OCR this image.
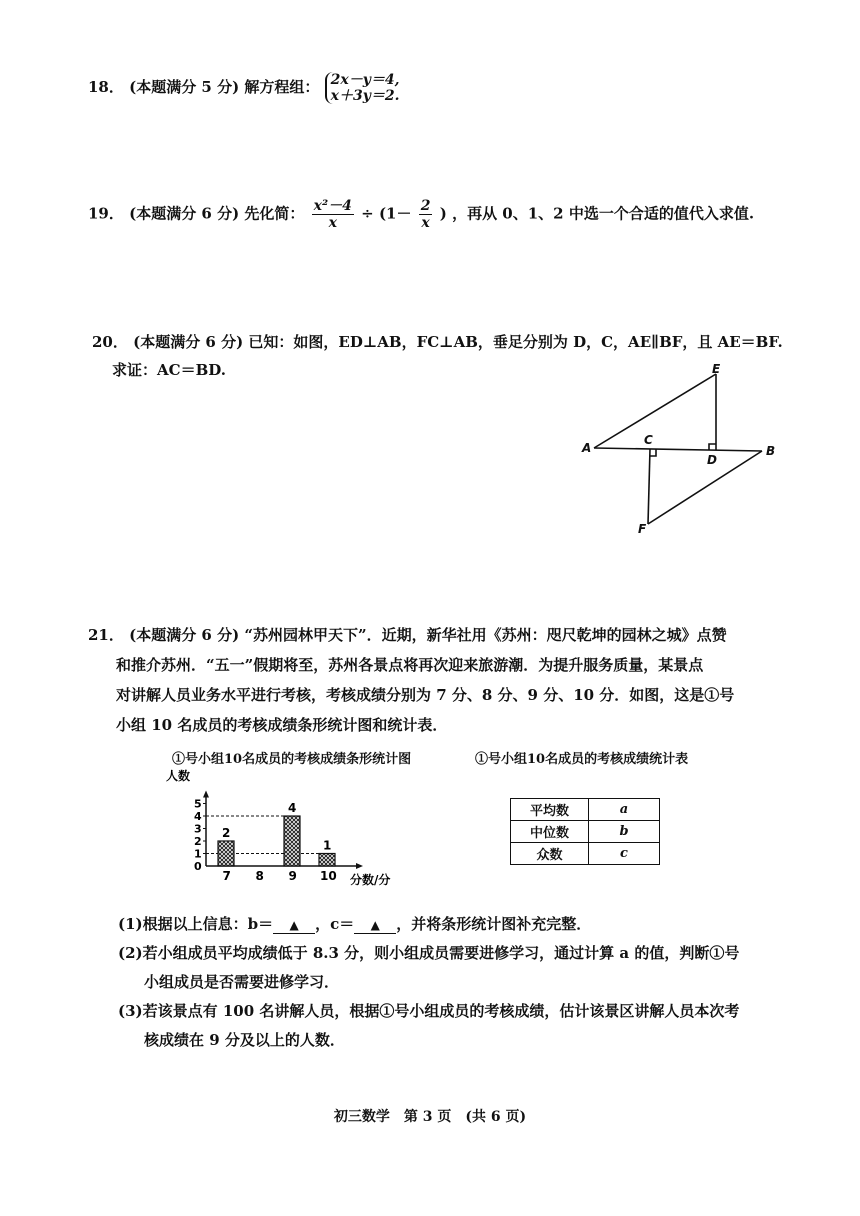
18． (本题满分 5 分) 解方程组： 2x－y＝4,
x＋3y＝2.
19． (本题满分 6 分) 先化简： $\frac{\text{x²－4}}{x} \div (1- \frac{2}{x}$ ) ，再从 0、1、2 中选一个合适的值代入求值.
20． (本题满分 6 分) 已知：如图，ED⊥AB，FC⊥AB，垂足分别为 D，C，AE∥BF，且 AE＝BF.
求证：AC＝BD.
A	B
C
D
E
F
21． (本题满分 6 分) “苏州园林甲天下”．近期，新华社用《苏州：咫尺乾坤的园林之城》点赞
和推介苏州．“五一”假期将至，苏州各景点将再次迎来旅游潮．为提升服务质量，某景点
对讲解人员业务水平进行考核，考核成绩分别为 7 分、8 分、9 分、10 分．如图，这是①号
小组 10 名成员的考核成绩条形统计图和统计表．
①号小组10名成员的考核成绩条形统计图
人数
0
1
2
3
4
5
2
7 8
4
9
1
10 分数/分
①号小组10名成员的考核成绩统计表
平均数	a
中位数	b
众数	c
(1)根据以上信息：b＝ ▲ ，c＝ ▲ ，并将条形统计图补充完整．
(2)若小组成员平均成绩低于 8.3 分，则小组成员需要进修学习，通过计算 a 的值，判断①号
小组成员是否需要进修学习．
(3)若该景点有 100 名讲解人员，根据①号小组成员的考核成绩，估计该景区讲解人员本次考
核成绩在 9 分及以上的人数．
初三数学　第 3 页　(共 6 页)
